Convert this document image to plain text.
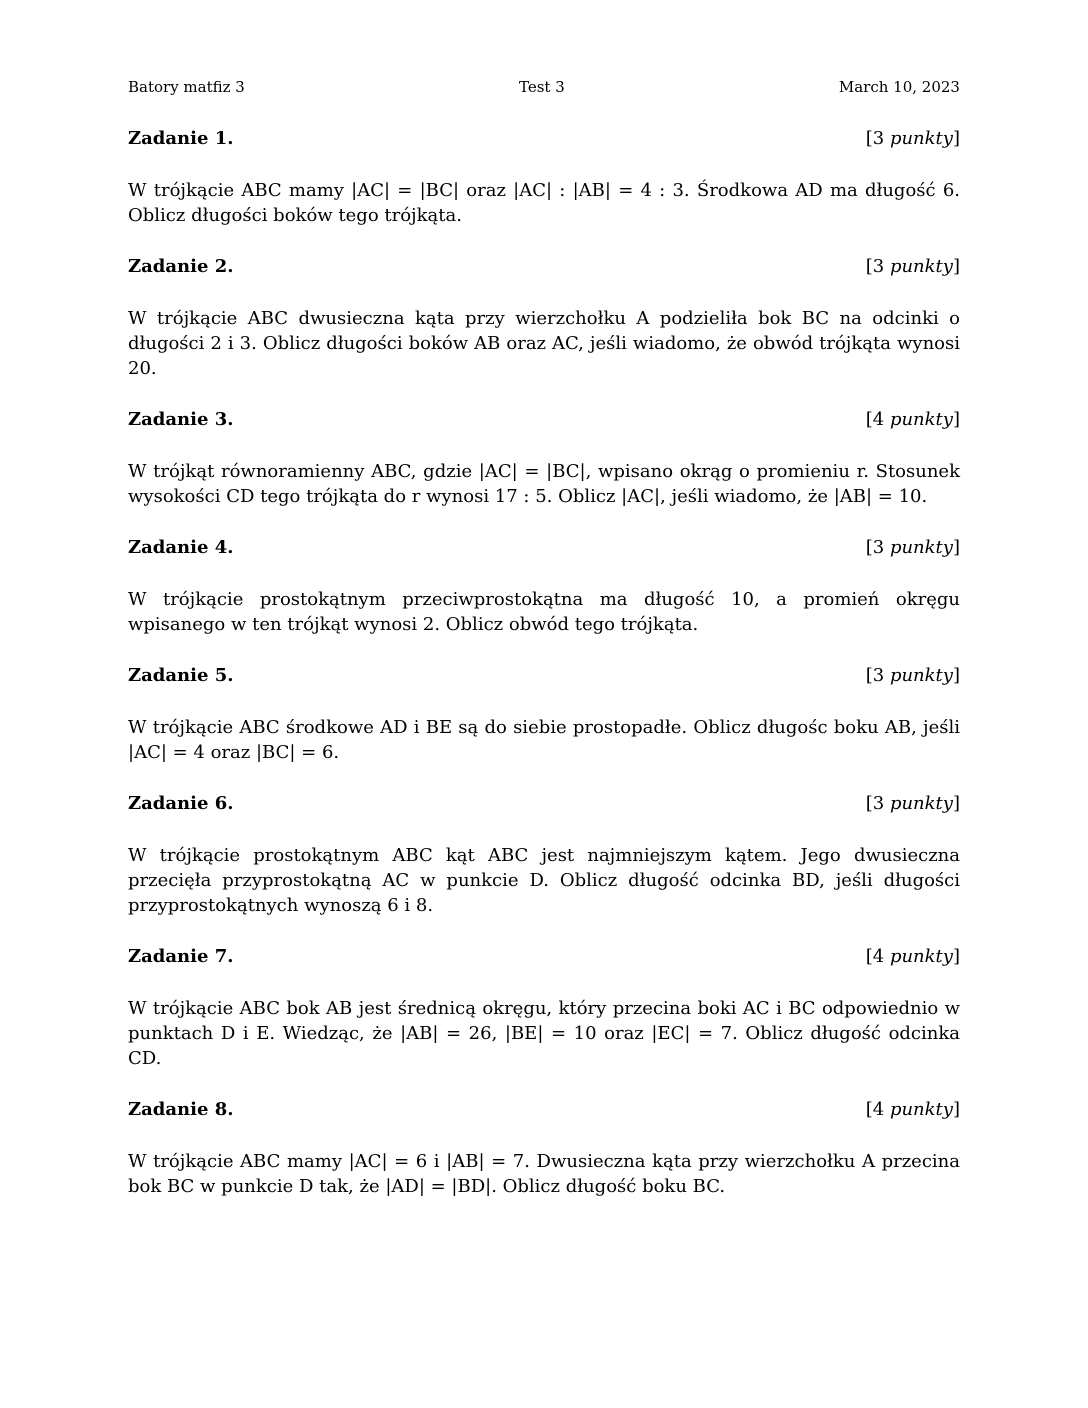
Batory matfiz 3	Test 3	March 10, 2023
Zadanie 1.	[3 punkty]
W trójkącie ABC mamy |AC| = |BC| oraz |AC| : |AB| = 4 : 3. Środkowa AD ma długość 6. Oblicz długości boków tego trójkąta.
Zadanie 2.	[3 punkty]
W trójkącie ABC dwusieczna kąta przy wierzchołku A podzieliła bok BC na odcinki o długości 2 i 3. Oblicz długości boków AB oraz AC, jeśli wiadomo, że obwód trójkąta wynosi 20.
Zadanie 3.	[4 punkty]
W trójkąt równoramienny ABC, gdzie |AC| = |BC|, wpisano okrąg o promieniu r. Stosunek wysokości CD tego trójkąta do r wynosi 17 : 5. Oblicz |AC|, jeśli wiadomo, że |AB| = 10.
Zadanie 4.	[3 punkty]
W trójkącie prostokątnym przeciwprostokątna ma długość 10, a promień okręgu wpisanego w ten trójkąt wynosi 2. Oblicz obwód tego trójkąta.
Zadanie 5.	[3 punkty]
W trójkącie ABC środkowe AD i BE są do siebie prostopadłe. Oblicz długośc boku AB, jeśli |AC| = 4 oraz |BC| = 6.
Zadanie 6.	[3 punkty]
W trójkącie prostokątnym ABC kąt ABC jest najmniejszym kątem. Jego dwusieczna przecięła przyprostokątną AC w punkcie D. Oblicz długość odcinka BD, jeśli długości przyprostokątnych wynoszą 6 i 8.
Zadanie 7.	[4 punkty]
W trójkącie ABC bok AB jest średnicą okręgu, który przecina boki AC i BC odpowiednio w punktach D i E. Wiedząc, że |AB| = 26, |BE| = 10 oraz |EC| = 7. Oblicz długość odcinka CD.
Zadanie 8.	[4 punkty]
W trójkącie ABC mamy |AC| = 6 i |AB| = 7. Dwusieczna kąta przy wierzchołku A przecina bok BC w punkcie D tak, że |AD| = |BD|. Oblicz długość boku BC.
